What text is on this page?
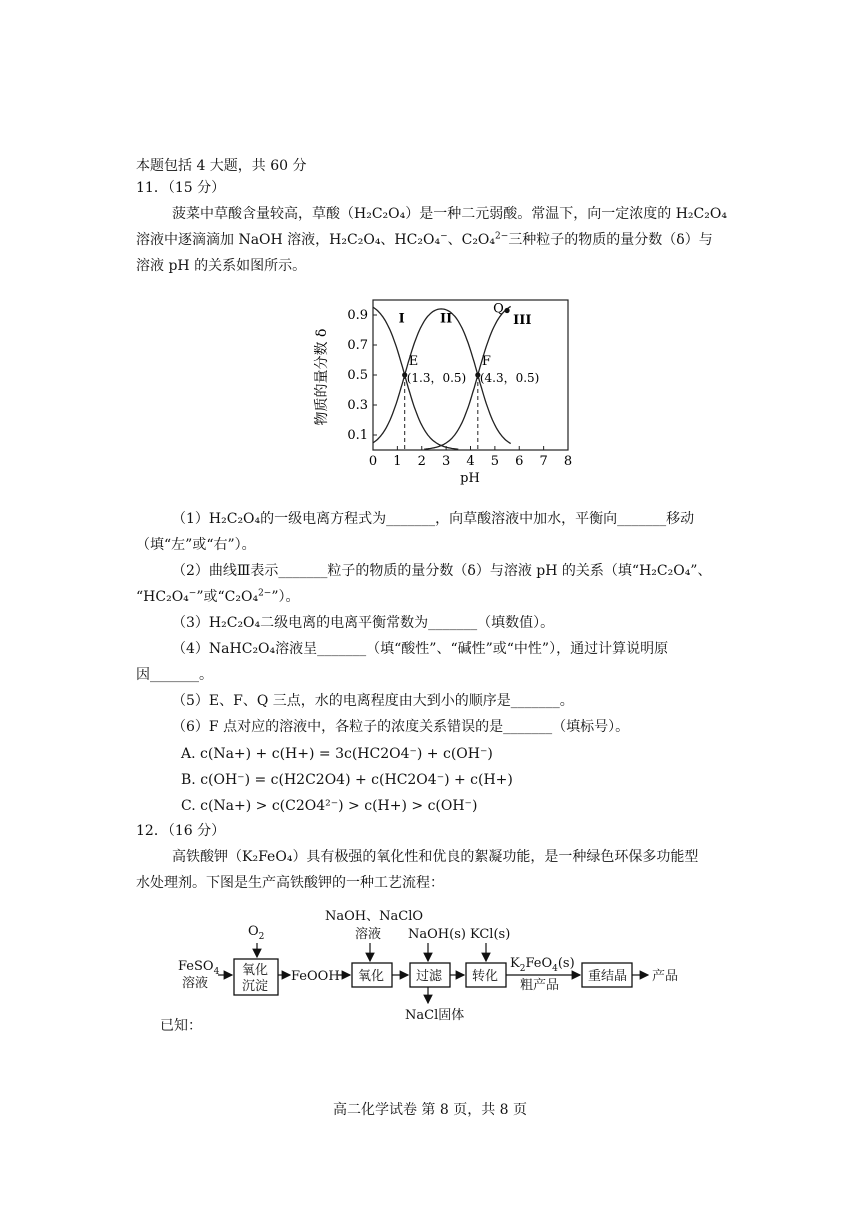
本题包括 4 大题，共 60 分
11．（15 分）
菠菜中草酸含量较高，草酸（H₂C₂O₄）是一种二元弱酸。常温下，向一定浓度的 H₂C₂O₄
溶液中逐滴滴加 NaOH 溶液，H₂C₂O₄、HC₂O₄−、C₂O₄$^{2-}$三种粒子的物质的量分数（δ）与
溶液 pH 的关系如图所示。
0 1 2 3 4 5 6 7 8
0.1
0.3
0.5
0.7
0.9 I	II	III
E
(1.3，0.5)
F
(4.3，0.5)
Q
物质的量分数 δ
pH
（1）H₂C₂O₄的一级电离方程式为_______，向草酸溶液中加水，平衡向_______移动
（填“左”或“右”）。
（2）曲线Ⅲ表示_______粒子的物质的量分数（δ）与溶液 pH 的关系（填“H₂C₂O₄”、
“HC₂O₄−”或“C₂O₄$^{2-}$”）。
（3）H₂C₂O₄二级电离的电离平衡常数为_______（填数值）。
（4）NaHC₂O₄溶液呈_______（填“酸性”、“碱性”或“中性”），通过计算说明原
因_______。
（5）E、F、Q 三点，水的电离程度由大到小的顺序是_______。
（6）F 点对应的溶液中，各粒子的浓度关系错误的是_______（填标号）。
A. c(Na+) + c(H+) = 3c(HC2O4⁻) + c(OH⁻)
B. c(OH⁻) = c(H2C2O4) + c(HC2O4⁻) + c(H+)
C. c(Na+) > c(C2O4²⁻) > c(H+) > c(OH⁻)
12．（16 分）
高铁酸钾（K₂FeO₄）具有极强的氧化性和优良的絮凝功能，是一种绿色环保多功能型
水处理剂。下图是生产高铁酸钾的一种工艺流程：
FeSO$_4$
溶液
$O_2$
氧化
沉淀
FeOOH
NaOH、NaClO
溶液
氧化
NaOH(s)
过滤
NaCl固体
KCl(s)
转化
$K_2FeO_4(s)$
粗产品
重结晶 产品
已知：
高二化学试卷 第 8 页，共 8 页
